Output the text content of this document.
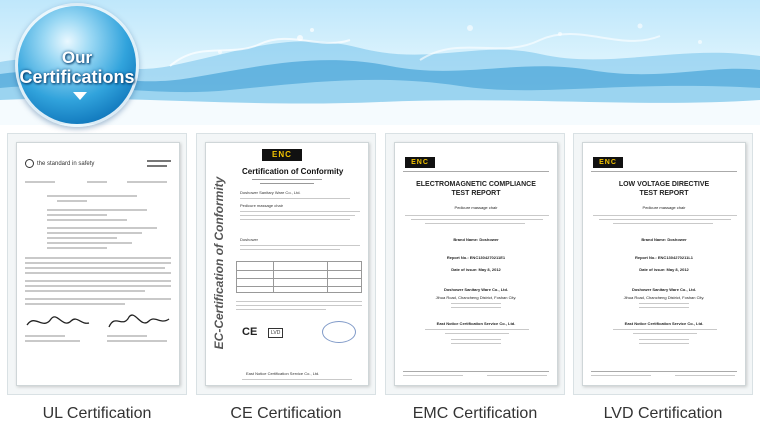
Our
Certifications
the standard in safety
UL Certification
EC-Certification of Conformity
ENC
Certification of Conformity
Doshower Sanitary Ware Co., Ltd.
Pedicure massage chair
Doshower
CE	LVD
East Notice Certification Service Co., Ltd.
CE Certification
ENC
ELECTROMAGNETIC COMPLIANCE
TEST REPORT
Pedicure massage chair
Brand Name: Doshower
Report No.: ENC1304270211E1
Date of issue: May 8, 2012
Doshower Sanitary Ware Co., Ltd.
Jihua Road, Chancheng District, Foshan City.
East Notice Certification Service Co., Ltd.
EMC Certification
ENC
LOW VOLTAGE DIRECTIVE
TEST REPORT
Pedicure massage chair
Brand Name: Doshower
Report No.: ENC1304270211L1
Date of issue: May 8, 2012
Doshower Sanitary Ware Co., Ltd.
Jihua Road, Chancheng District, Foshan City.
East Notice Certification Service Co., Ltd.
LVD Certification
